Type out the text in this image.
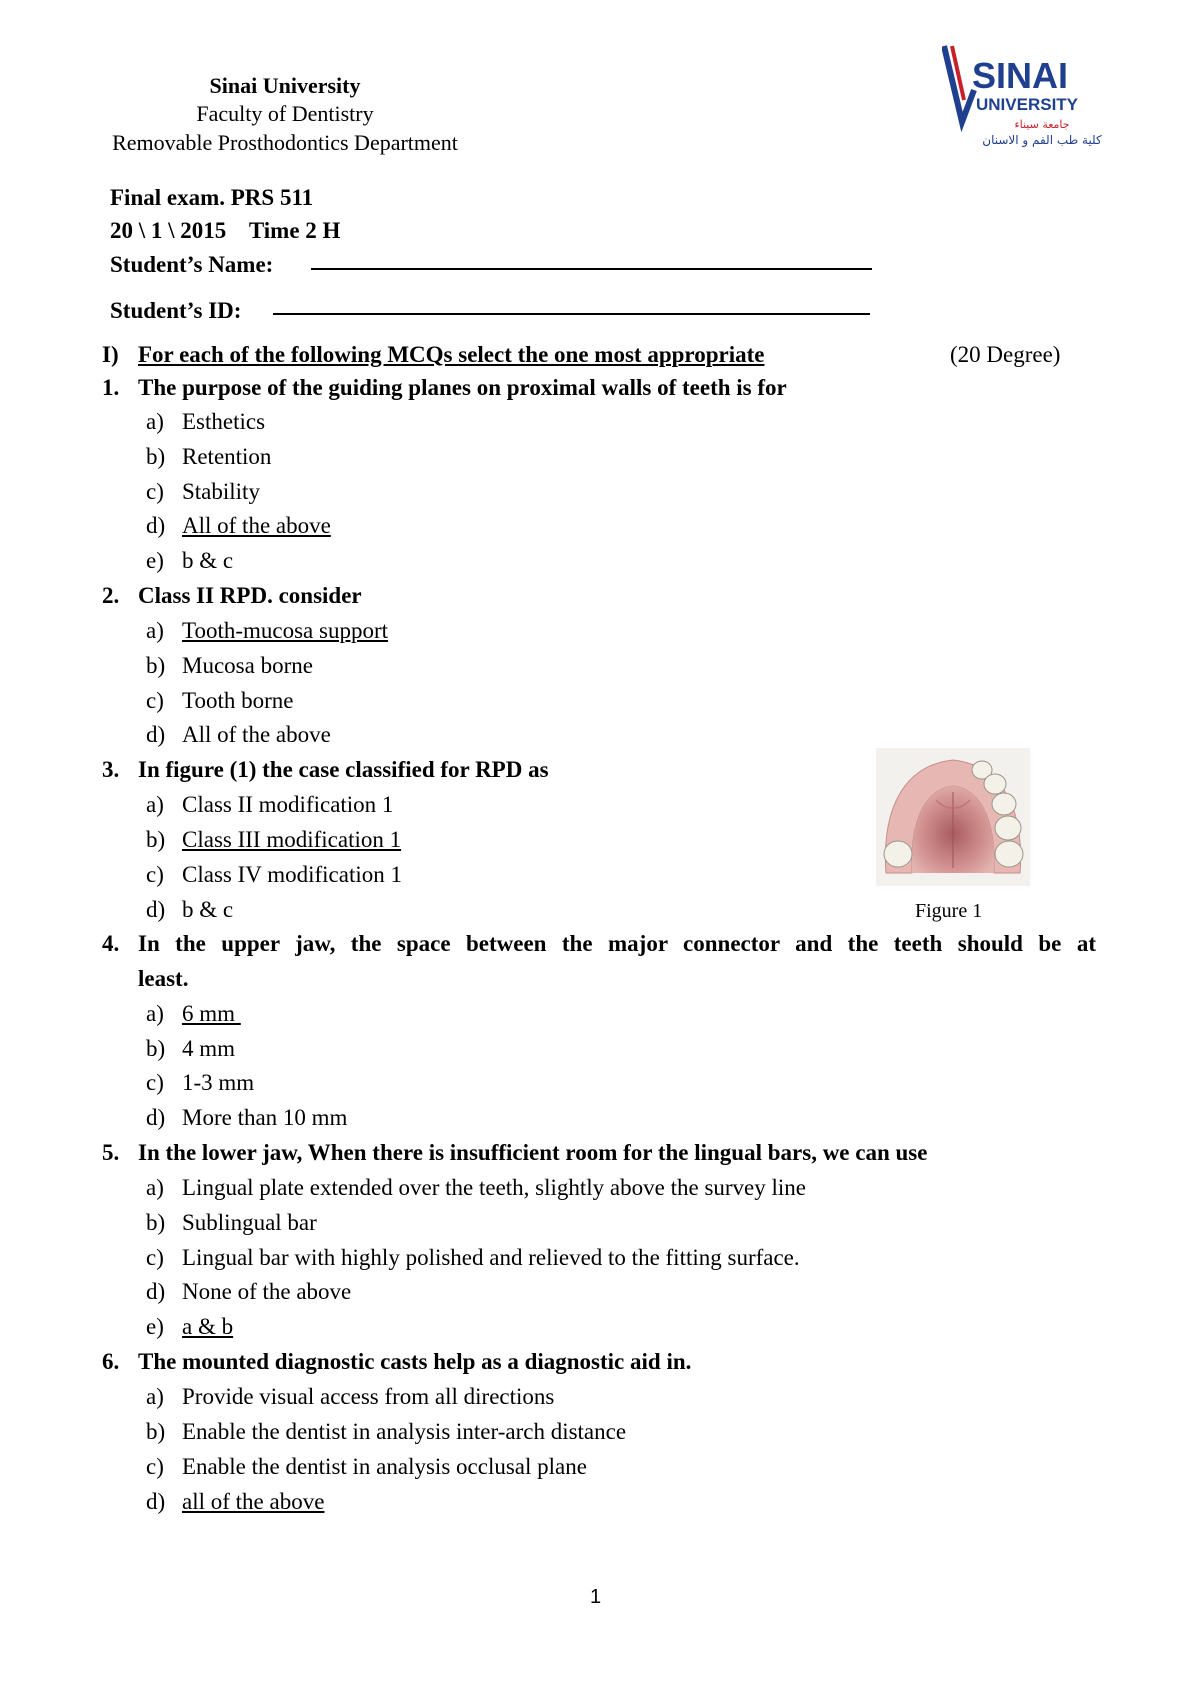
Sinai University
Faculty of Dentistry
Removable Prosthodontics Department
SINAI
UNIVERSITY
جامعة سيناء
كلية طب الفم و الاسنان
Final exam. PRS 511
20 \ 1 \ 2015    Time 2 H
Student’s Name:
Student’s ID:
I) For each of the following MCQs select the one most appropriate	(20 Degree)
1. The purpose of the guiding planes on proximal walls of teeth is for
a) Esthetics
b) Retention
c) Stability
d) All of the above
e) b & c
2. Class II RPD. consider
a) Tooth-mucosa support
b) Mucosa borne
c) Tooth borne
d) All of the above
3. In figure (1) the case classified for RPD as
a) Class II modification 1
b) Class III modification 1
c) Class IV modification 1
d) b & c	Figure 1
4. In the upper jaw, the space between the major connector and the teeth should be at
least.
a) 6 mm
b) 4 mm
c) 1-3 mm
d) More than 10 mm
5. In the lower jaw, When there is insufficient room for the lingual bars, we can use
a) Lingual plate extended over the teeth, slightly above the survey line
b) Sublingual bar
c) Lingual bar with highly polished and relieved to the fitting surface.
d) None of the above
e) a & b
6. The mounted diagnostic casts help as a diagnostic aid in.
a) Provide visual access from all directions
b) Enable the dentist in analysis inter-arch distance
c) Enable the dentist in analysis occlusal plane
d) all of the above
1
